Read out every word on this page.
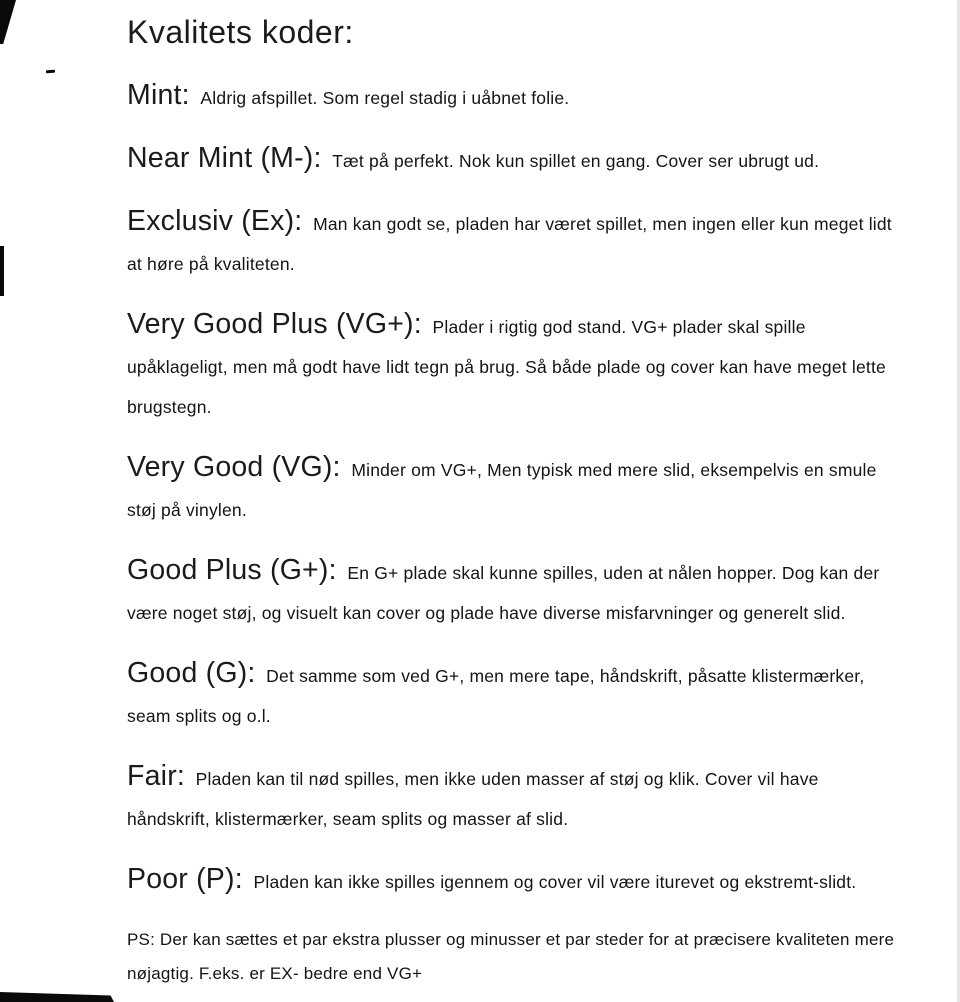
Kvalitets koder:

Mint: Aldrig afspillet. Som regel stadig i uåbnet folie.

Near Mint (M-): Tæt på perfekt. Nok kun spillet en gang. Cover ser ubrugt ud.

Exclusiv (Ex): Man kan godt se, pladen har været spillet, men ingen eller kun meget lidt at høre på kvaliteten.

Very Good Plus (VG+): Plader i rigtig god stand. VG+ plader skal spille upåklageligt, men må godt have lidt tegn på brug. Så både plade og cover kan have meget lette brugstegn.

Very Good (VG): Minder om VG+, Men typisk med mere slid, eksempelvis en smule støj på vinylen.

Good Plus (G+): En G+ plade skal kunne spilles, uden at nålen hopper. Dog kan der være noget støj, og visuelt kan cover og plade have diverse misfarvninger og generelt slid.

Good (G): Det samme som ved G+, men mere tape, håndskrift, påsatte klistermærker, seam splits og o.l.

Fair: Pladen kan til nød spilles, men ikke uden masser af støj og klik. Cover vil have håndskrift, klistermærker, seam splits og masser af slid.

Poor (P): Pladen kan ikke spilles igennem og cover vil være iturevet og ekstremt-slidt.

PS: Der kan sættes et par ekstra plusser og minusser et par steder for at præcisere kvaliteten mere nøjagtig. F.eks. er EX- bedre end VG+
